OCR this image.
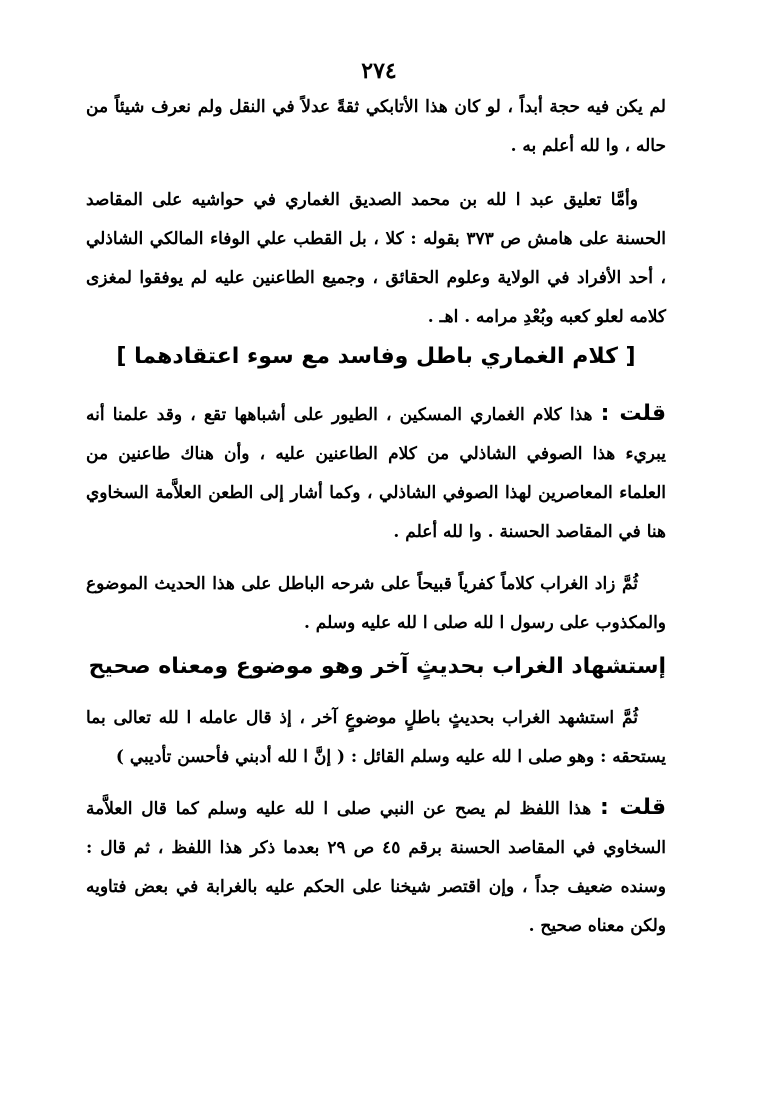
٢٧٤
لم يكن فيه حجة أبداً ، لو كان هذا الأتابكي ثقةً عدلاً في النقل ولم نعرف شيئاً من حاله ، وا لله أعلم به .
وأمَّا تعليق عبد ا لله بن محمد الصديق الغماري في حواشيه على المقاصد الحسنة على هامش ص ٣٧٣ بقوله : كلا ، بل القطب علي الوفاء المالكي الشاذلي ، أحد الأفراد في الولاية وعلوم الحقائق ، وجميع الطاعنين عليه لم يوفقوا لمغزى كلامه لعلو كعبه وبُعْدِ مرامه . اهـ .
[ كلام الغماري باطل وفاسد مع سوء اعتقادهما ]
قلت : هذا كلام الغماري المسكين ، الطيور على أشباهها تقع ، وقد علمنا أنه يبريء هذا الصوفي الشاذلي من كلام الطاعنين عليه ، وأن هناك طاعنين من العلماء المعاصرين لهذا الصوفي الشاذلي ، وكما أشار إلى الطعن العلاَّمة السخاوي هنا في المقاصد الحسنة . وا لله أعلم .
ثُمَّ زاد الغراب كلاماً كفرياً قبيحاً على شرحه الباطل على هذا الحديث الموضوع والمكذوب على رسول ا لله صلى ا لله عليه وسلم .
إستشهاد الغراب بحديثٍ آخر وهو موضوع ومعناه صحيح
ثُمَّ استشهد الغراب بحديثٍ باطلٍ موضوعٍ آخر ، إذ قال عامله ا لله تعالى بما يستحقه : وهو صلى ا لله عليه وسلم القائل : ( إنَّ ا لله أدبني فأحسن تأديبي )
قلت : هذا اللفظ لم يصح عن النبي صلى ا لله عليه وسلم كما قال العلاَّمة السخاوي في المقاصد الحسنة برقم ٤٥ ص ٢٩ بعدما ذكر هذا اللفظ ، ثم قال : وسنده ضعيف جداً ، وإن اقتصر شيخنا على الحكم عليه بالغرابة في بعض فتاويه ولكن معناه صحيح .
